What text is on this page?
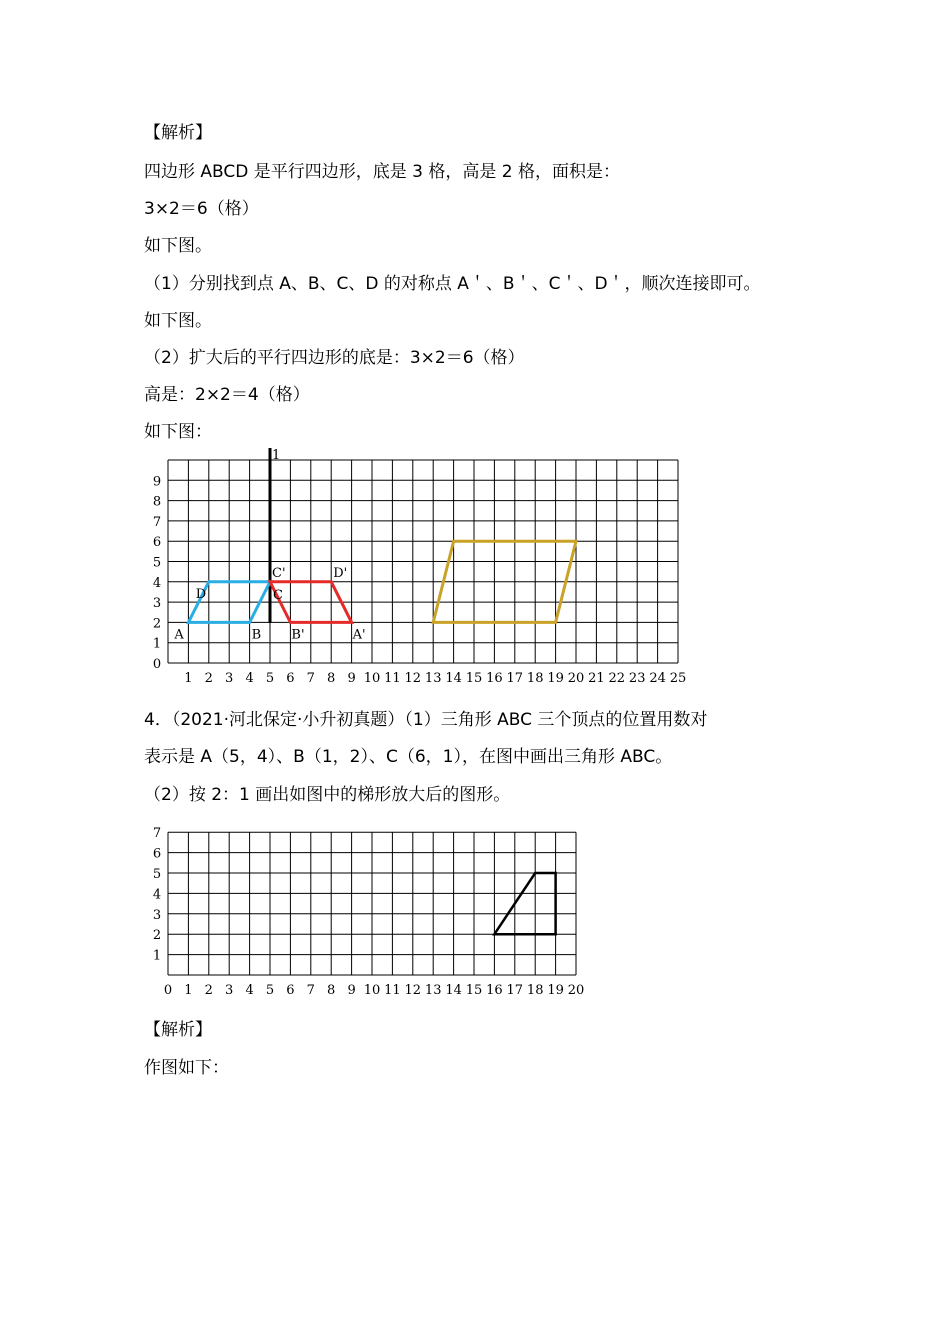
【解析】
四边形 ABCD 是平行四边形，底是 3 格，高是 2 格，面积是：
3×2＝6（格）
如下图。
（1）分别找到点 A、B、C、D 的对称点 A＇、B＇、C＇、D＇，顺次连接即可。
如下图。
（2）扩大后的平行四边形的底是：3×2＝6（格）
高是：2×2＝4（格）
如下图：
1
1 2 3 4 5 6 7 8 9 10 11 12 13 14 15 16 17 18 19 20 21 22 23 24 25
0
1
2
3
4
5
6
7
8
9
A	B
C
D
A'
B'
C'	D'
4．（2021·河北保定·小升初真题）（1）三角形 ABC 三个顶点的位置用数对
表示是 A（5，4）、B（1，2）、C（6，1），在图中画出三角形 ABC。
（2）按 2：1 画出如图中的梯形放大后的图形。
0 1 2 3 4 5 6 7 8 9 10 11 12 13 14 15 16 17 18 19 20
1
2
3
4
5
6
7
【解析】
作图如下：
